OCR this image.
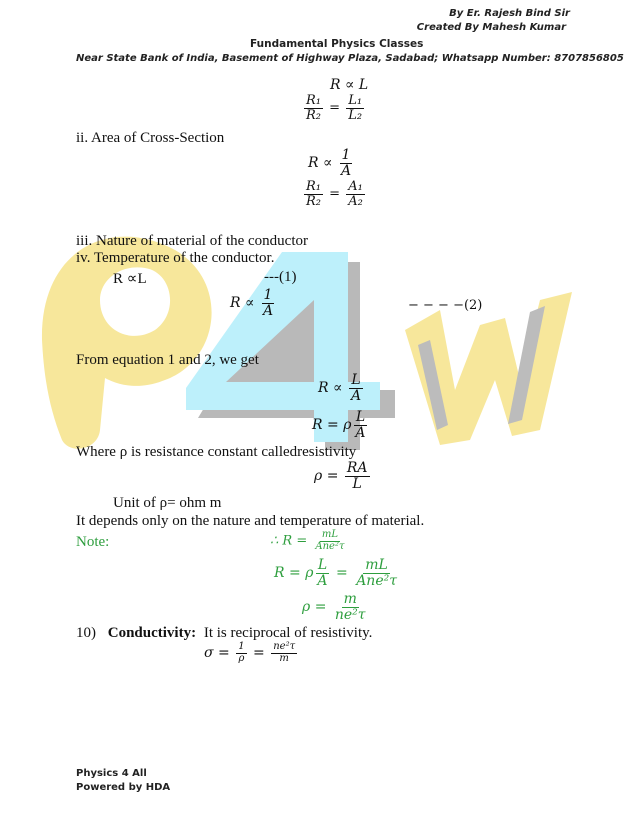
By Er. Rajesh Bind Sir
Created By Mahesh Kumar
Fundamental Physics Classes
Near State Bank of India, Basement of Highway Plaza, Sadabad; Whatsapp Number: 8707856805
R ∝ L
$\frac{\text{R₁}}{\text{R₂}} = \frac{\text{L₁}}{\text{L₂}}$
ii. Area of Cross-Section
$R \propto \frac{1}{A}$
$\frac{\text{R₁}}{\text{R₂}} = \frac{\text{A₁}}{\text{A₂}}$
iii. Nature of material of the conductor
iv. Temperature of the conductor.
R ∝L	---(1)
$R \propto \frac{1}{A}$	− − − −(2)
From equation 1 and 2, we get
$R \propto \frac{L}{A}$
R = ρ $\frac{L}{A}$
Where ρ is resistance constant calledresistivity
$\rho = \frac{RA}{L}$
Unit of ρ= ohm m
It depends only on the nature and temperature of material.
Note:	∴ $R = \frac{mL}{\text{Ane²τ}}$
R = ρ $\frac{L}{A} = \frac{mL}{\text{Ane²τ}}$
$\rho = \frac{m}{\text{ne²τ}}$
10) Conductivity: It is reciprocal of resistivity.
$\sigma = \frac{1}{\rho} = \frac{\text{ne²τ}}{m}$
Physics 4 All
Powered by HDA
